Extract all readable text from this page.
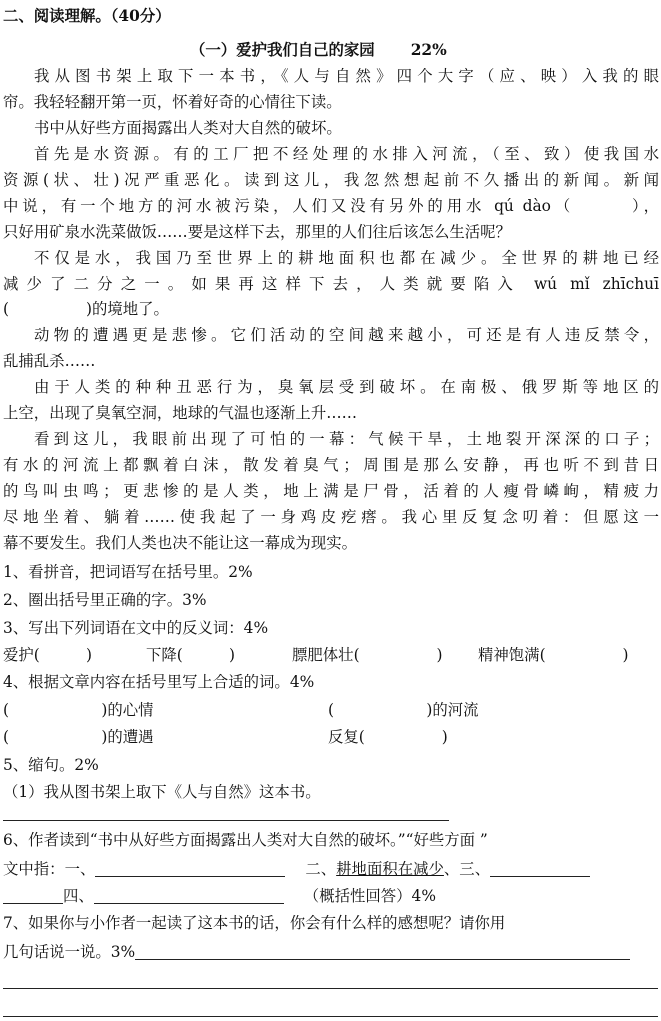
二、阅读理解。（40分）
（一）爱护我们自己的家园 22%
我从图书架上取下一本书，《人与自然》四个大字（应、映）入我的眼
帘。我轻轻翻开第一页，怀着好奇的心情往下读。
书中从好些方面揭露出人类对大自然的破坏。
首先是水资源。有的工厂把不经处理的水排入河流，（至、致）使我国水
资源(状、壮)况严重恶化。读到这儿，我忽然想起前不久播出的新闻。新闻
中说，有一个地方的河水被污染，人们又没有另外的用水 qú dào（　　　），
只好用矿泉水洗菜做饭……要是这样下去，那里的人们往后该怎么生活呢？
不仅是水，我国乃至世界上的耕地面积也都在减少。全世界的耕地已经
减少了二分之一。如果再这样下去，人类就要陷入 wú mǐ zhīchuī
(　　　　　)的境地了。
动物的遭遇更是悲惨。它们活动的空间越来越小，可还是有人违反禁令，
乱捕乱杀……
由于人类的种种丑恶行为，臭氧层受到破坏。在南极、俄罗斯等地区的
上空，出现了臭氧空洞，地球的气温也逐渐上升……
看到这儿，我眼前出现了可怕的一幕：气候干旱，土地裂开深深的口子；
有水的河流上都飘着白沫，散发着臭气；周围是那么安静，再也听不到昔日
的鸟叫虫鸣；更悲惨的是人类，地上满是尸骨，活着的人瘦骨嶙峋，精疲力
尽地坐着、躺着……使我起了一身鸡皮疙瘩。我心里反复念叨着：但愿这一
幕不要发生。我们人类也决不能让这一幕成为现实。
1、看拼音，把词语写在括号里。2%
2、圈出括号里正确的字。3%
3、写出下列词语在文中的反义词：4%
爱护(　　　)	下降(　　　)	膘肥体壮(　　　　　) 精神饱满(　　　　　)
4、根据文章内容在括号里写上合适的词。4%
(　　　　　　)的心情	(　　　　　　)的河流
(　　　　　　)的遭遇	反复(　　　　　)
5、缩句。2%
（1）我从图书架上取下《人与自然》这本书。
6、作者读到“书中从好些方面揭露出人类对大自然的破坏。”“好些方面 ”
文中指：一、	二、耕地面积在减少、三、
四、	（概括性回答）4%
7、如果你与小作者一起读了这本书的话，你会有什么样的感想呢？请你用
几句话说一说。3%
